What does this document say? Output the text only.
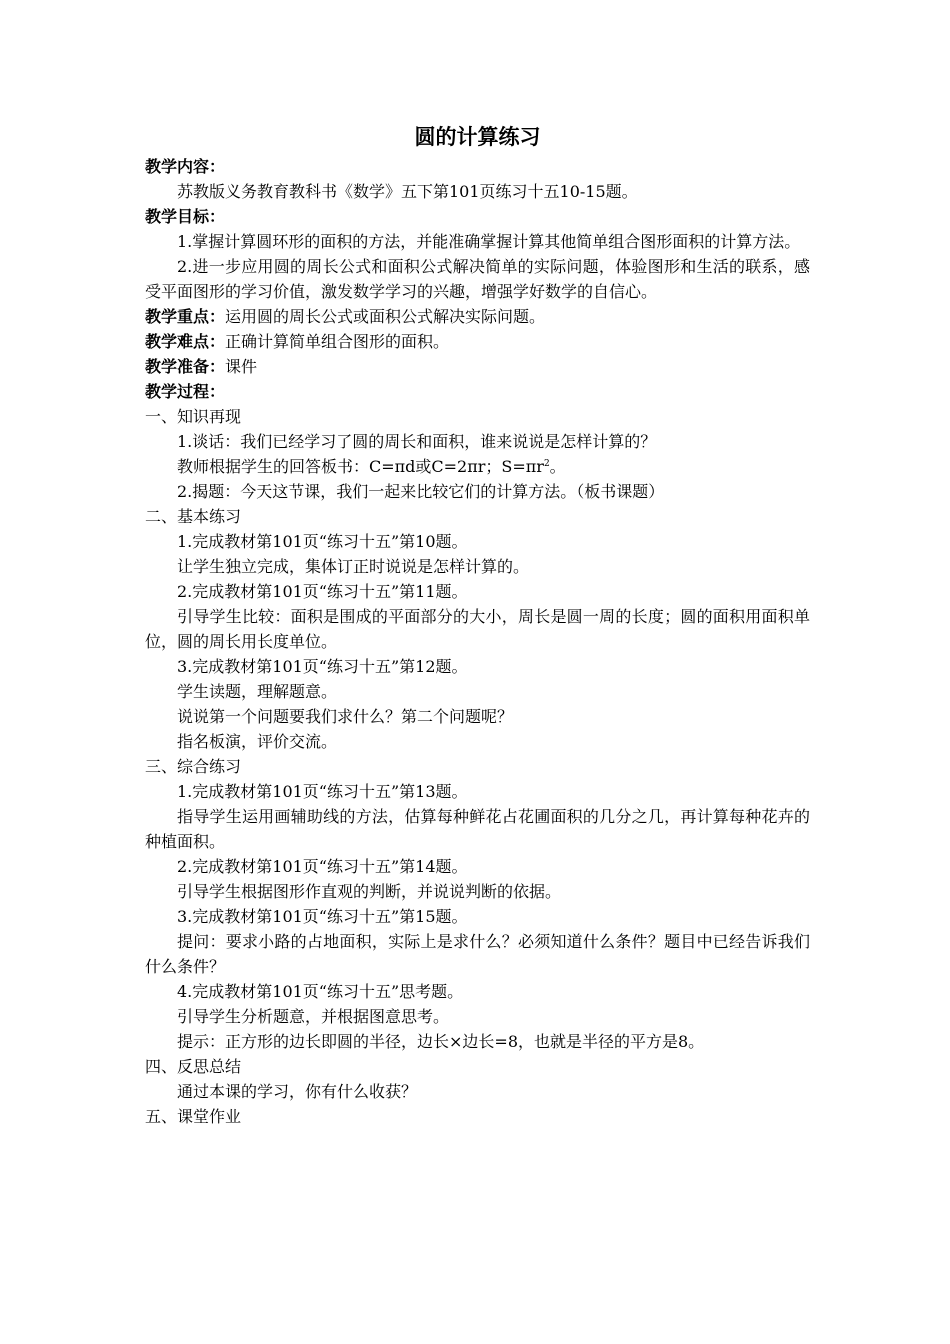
圆的计算练习

教学内容：

苏教版义务教育教科书《数学》五下第101页练习十五10-15题。

教学目标：

1.掌握计算圆环形的面积的方法，并能准确掌握计算其他简单组合图形面积的计算方法。

2.进一步应用圆的周长公式和面积公式解决简单的实际问题，体验图形和生活的联系，感受平面图形的学习价值，激发数学学习的兴趣，增强学好数学的自信心。

教学重点：运用圆的周长公式或面积公式解决实际问题。

教学难点：正确计算简单组合图形的面积。

教学准备：课件

教学过程：

一、知识再现

1.谈话：我们已经学习了圆的周长和面积，谁来说说是怎样计算的？

教师根据学生的回答板书：C=πd或C=2πr；$S=\pi r^2$。

2.揭题：今天这节课，我们一起来比较它们的计算方法。（板书课题）

二、基本练习

1.完成教材第101页“练习十五”第10题。

让学生独立完成，集体订正时说说是怎样计算的。

2.完成教材第101页“练习十五”第11题。

引导学生比较：面积是围成的平面部分的大小，周长是圆一周的长度；圆的面积用面积单位，圆的周长用长度单位。

3.完成教材第101页“练习十五”第12题。

学生读题，理解题意。

说说第一个问题要我们求什么？第二个问题呢？

指名板演，评价交流。

三、综合练习

1.完成教材第101页“练习十五”第13题。

指导学生运用画辅助线的方法，估算每种鲜花占花圃面积的几分之几，再计算每种花卉的种植面积。

2.完成教材第101页“练习十五”第14题。

引导学生根据图形作直观的判断，并说说判断的依据。

3.完成教材第101页“练习十五”第15题。

提问：要求小路的占地面积，实际上是求什么？必须知道什么条件？题目中已经告诉我们什么条件？

4.完成教材第101页“练习十五”思考题。

引导学生分析题意，并根据图意思考。

提示：正方形的边长即圆的半径，边长×边长=8，也就是半径的平方是8。

四、反思总结

通过本课的学习，你有什么收获？

五、课堂作业
